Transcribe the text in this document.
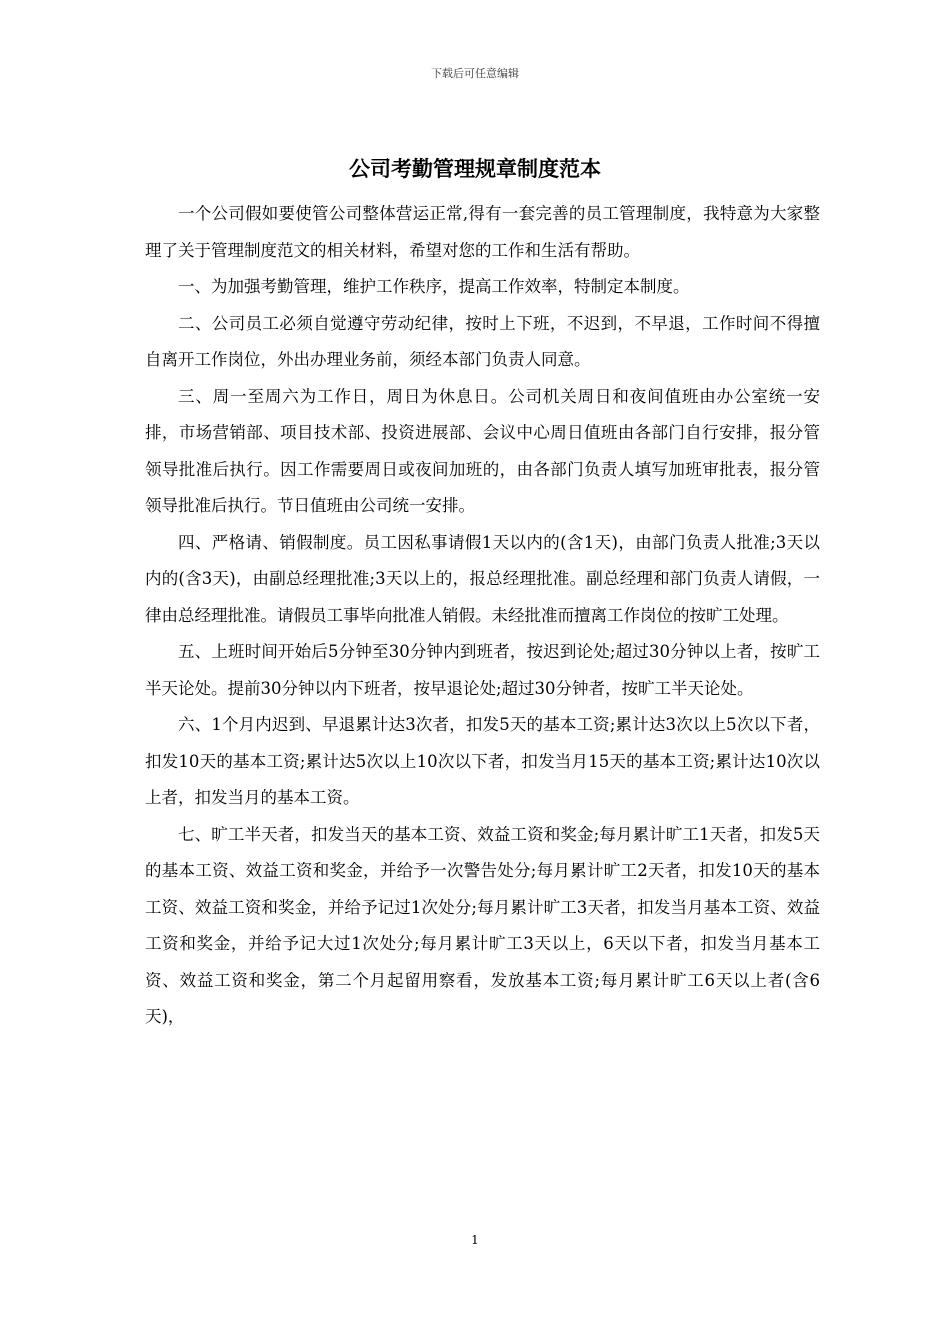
下载后可任意编辑
公司考勤管理规章制度范本

一个公司假如要使管公司整体营运正常,得有一套完善的员工管理制度，我特意为大家整理了关于管理制度范文的相关材料，希望对您的工作和生活有帮助。

一、为加强考勤管理，维护工作秩序，提高工作效率，特制定本制度。

二、公司员工必须自觉遵守劳动纪律，按时上下班，不迟到，不早退，工作时间不得擅自离开工作岗位，外出办理业务前，须经本部门负责人同意。

三、周一至周六为工作日，周日为休息日。公司机关周日和夜间值班由办公室统一安排，市场营销部、项目技术部、投资进展部、会议中心周日值班由各部门自行安排，报分管领导批准后执行。因工作需要周日或夜间加班的，由各部门负责人填写加班审批表，报分管领导批准后执行。节日值班由公司统一安排。

四、严格请、销假制度。员工因私事请假1天以内的(含1天)，由部门负责人批准;3天以内的(含3天)，由副总经理批准;3天以上的，报总经理批准。副总经理和部门负责人请假，一律由总经理批准。请假员工事毕向批准人销假。未经批准而擅离工作岗位的按旷工处理。

五、上班时间开始后5分钟至30分钟内到班者，按迟到论处;超过30分钟以上者，按旷工半天论处。提前30分钟以内下班者，按早退论处;超过30分钟者，按旷工半天论处。

六、1个月内迟到、早退累计达3次者，扣发5天的基本工资;累计达3次以上5次以下者，扣发10天的基本工资;累计达5次以上10次以下者，扣发当月15天的基本工资;累计达10次以上者，扣发当月的基本工资。

七、旷工半天者，扣发当天的基本工资、效益工资和奖金;每月累计旷工1天者，扣发5天的基本工资、效益工资和奖金，并给予一次警告处分;每月累计旷工2天者，扣发10天的基本工资、效益工资和奖金，并给予记过1次处分;每月累计旷工3天者，扣发当月基本工资、效益工资和奖金，并给予记大过1次处分;每月累计旷工3天以上，6天以下者，扣发当月基本工资、效益工资和奖金，第二个月起留用察看，发放基本工资;每月累计旷工6天以上者(含6天)，

1
